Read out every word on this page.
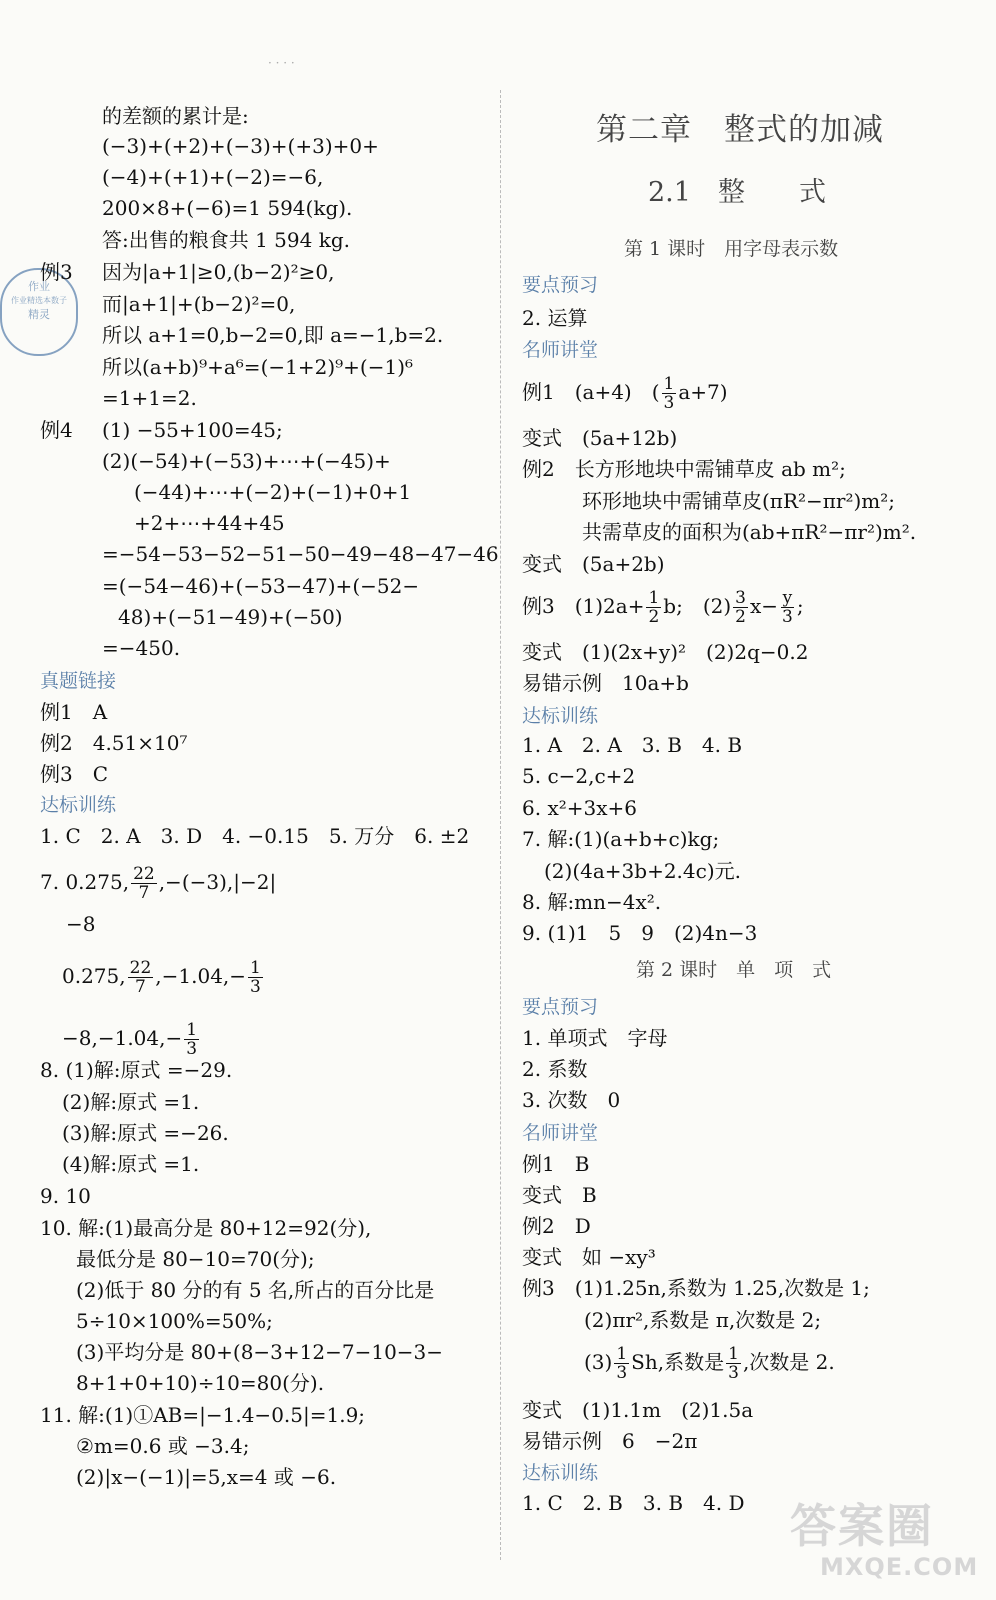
· · · ·
作业
作业精选本数子
精灵
的差额的累计是:
(−3)+(+2)+(−3)+(+3)+0+
(−4)+(+1)+(−2)=−6,
200×8+(−6)=1 594(kg).
答:出售的粮食共 1 594 kg.
例3 因为|a+1|≥0,(b−2)²≥0,
而|a+1|+(b−2)²=0,
所以 a+1=0,b−2=0,即 a=−1,b=2.
所以(a+b)⁹+a⁶=(−1+2)⁹+(−1)⁶
=1+1=2.
例4 (1) −55+100=45;
(2)(−54)+(−53)+⋯+(−45)+
(−44)+⋯+(−2)+(−1)+0+1
+2+⋯+44+45
=−54−53−52−51−50−49−48−47−46
=(−54−46)+(−53−47)+(−52−
48)+(−51−49)+(−50)
=−450.
真题链接
例1　A
例2　4.51×10⁷
例3　C
达标训练
1. C　2. A　3. D　4. −0.15　5. 万分　6. ±2
7. 0.275, $\frac{22}{7} ,-(-3),|-2|$
−8
0.275, $\frac{22}{7} ,-1.04,- \frac{1}{3}$
$-8,-1.04,- \frac{1}{3}$
8. (1)解:原式 =−29.
(2)解:原式 =1.
(3)解:原式 =−26.
(4)解:原式 =1.
9. 10
10. 解:(1)最高分是 80+12=92(分),
最低分是 80−10=70(分);
(2)低于 80 分的有 5 名,所占的百分比是
5÷10×100%=50%;
(3)平均分是 80+(8−3+12−7−10−3−
8+1+0+10)÷10=80(分).
11. 解:(1)①AB=|−1.4−0.5|=1.9;
②m=0.6 或 −3.4;
(2)|x−(−1)|=5,x=4 或 −6.
第二章　整式的加减
2.1　整　　式
第 1 课时　用字母表示数
要点预习
2. 运算
名师讲堂
例1　(a+4)　( $\frac{1}{3} a+7$)
变式　(5a+12b)
例2　长方形地块中需铺草皮 ab m²;
环形地块中需铺草皮(πR²−πr²)m²;
共需草皮的面积为(ab+πR²−πr²)m².
变式　(5a+2b)
例3　$(1)2a+ \frac{1}{2} b$;　$(2) \frac{3}{2} x- \frac{y}{3}$ ;
变式　(1)(2x+y)²　(2)2q−0.2
易错示例　10a+b
达标训练
1. A　2. A　3. B　4. B
5. c−2,c+2
6. x²+3x+6
7. 解:(1)(a+b+c)kg;
(2)(4a+3b+2.4c)元.
8. 解:mn−4x².
9. (1)1　5　9　(2)4n−3
第 2 课时　单　项　式
要点预习
1. 单项式　字母
2. 系数
3. 次数　0
名师讲堂
例1　B
变式　B
例2　D
变式　如 −xy³
例3　(1)1.25n,系数为 1.25,次数是 1;
(2)πr²,系数是 π,次数是 2;
$(3) \frac{1}{3} Sh$,系数是 $\frac{1}{3}$ ,次数是 2.
变式　(1)1.1m　(2)1.5a
易错示例　6　−2π
达标训练
1. C　2. B　3. B　4. D 答案圈
MXQE.COM
